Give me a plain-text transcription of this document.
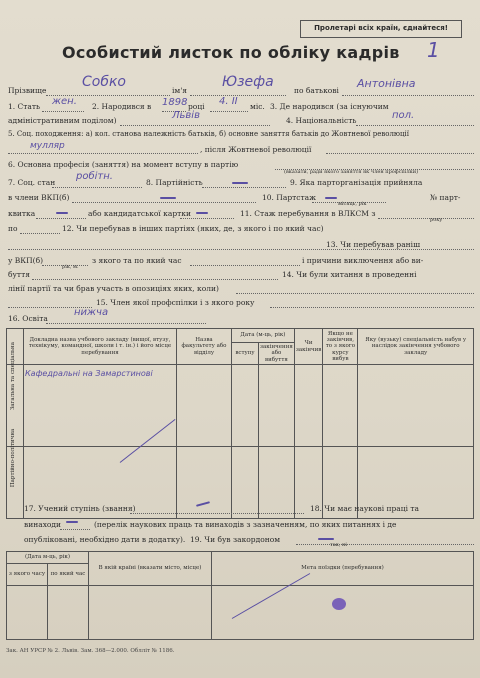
Пролетарі всіх країн, єднайтеся!
Особистий листок по обліку кадрів 1
Прізвище
Собко
ім'я
Юзефа
по батькові
Антонівна
1. Стать жен. 2. Народився в 1898 році 4. II міс. 3. Де народився (за існуючим
адміністративним поділом)	Львів	4. Національність	пол.
5. Соц. походження: а) кол. станова належність батьків, б) основне заняття батьків до Жовтневої революції
мулляр	, після Жовтневої революції
6. Основна професія (заняття) на момент вступу в партію
(вказати, ради якого заняття як член профспілки)
7. Соц. стан
робітн.
8. Партійність	9. Яка парторганізація прийняла
в члени ВКП(б)	10. Партстаж
місяць, рік
№ парт-
квитка	або кандидатської картки	11. Стаж перебування в ВЛКСМ з
року
по	12. Чи перебував в інших партіях (яких, де, з якого і по який час)
13. Чи перебував раніш
у ВКП(б)
рік, м.
з якого та по який час	і причини виключення або ви-
буття	14. Чи були хитання в проведенні
лінії партії та чи брав участь в опозиціях яких, коли)
15. Член якої профспілки і з якого року
16. Освіта
нижча
	Докладна назва учбового закладу (вищої, втузу, технікуму, командної, школи і т. ін.) і його місце перебування	Назва факультету або відділу	Дата (м-ць, рік)		Чи закінчив	Якщо не закінчив, то з якого курсу вибув	Яку (вузьку) спеціальність набув у наслідок закінчення учбового закладу
			вступу	закінчення або вибуття			

Загальна та спеціальна	Кафедральні на Замарстинові						

Партійно-політична							

17. Учений ступінь (звання)	18. Чи має наукові праці та
винаходи	(перелік наукових праць та винаходів з зазначенням, по яких питаннях і де
опубліковані, необхідно дати в додатку). 19. Чи був закордоном
так, ні
(Дата м-ць, рік)		В якій країні (вказати місто, місце)	Мета поїздки (перебування)
з якого часу	по який час		

Зак. АН УРСР № 2. Львів. Зам. 368—2.000. Облліт № 1186.
